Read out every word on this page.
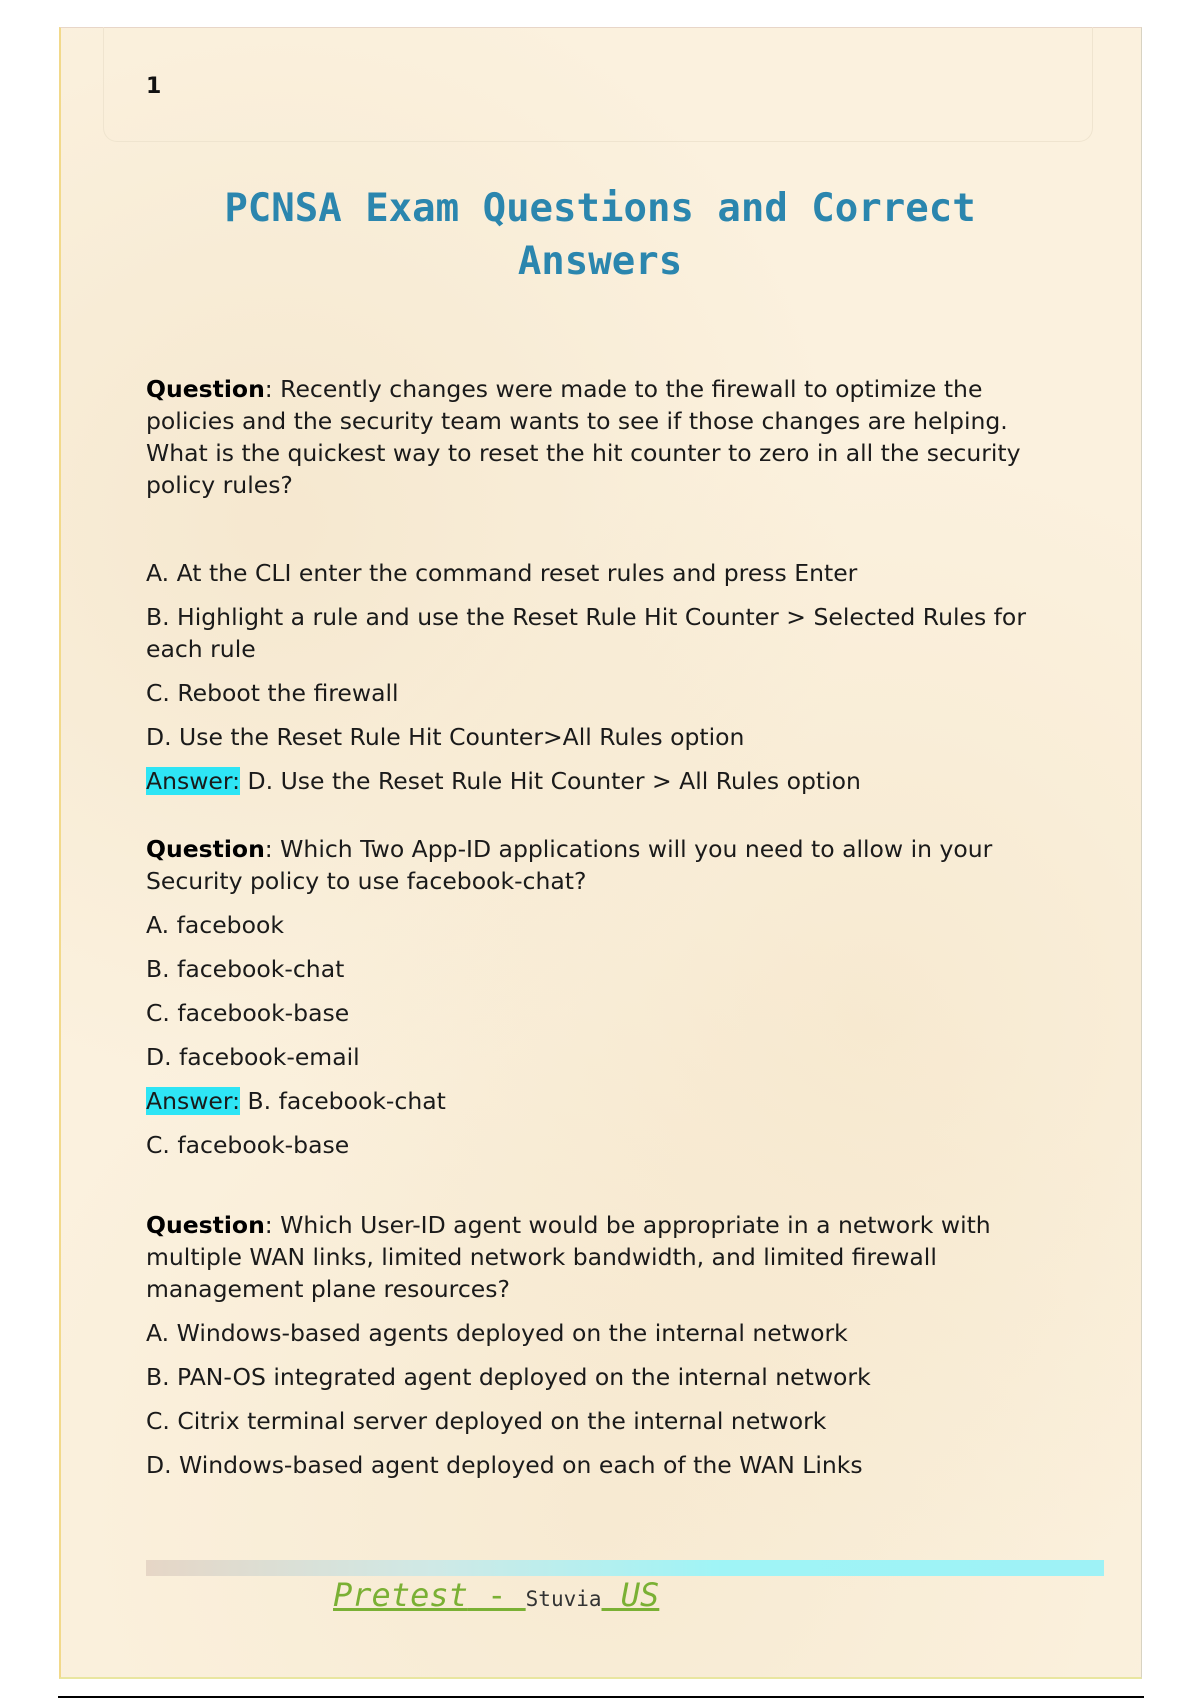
1
PCNSA Exam Questions and Correct Answers

Question: Recently changes were made to the firewall to optimize the policies and the security team wants to see if those changes are helping. What is the quickest way to reset the hit counter to zero in all the security policy rules?

A. At the CLI enter the command reset rules and press Enter

B. Highlight a rule and use the Reset Rule Hit Counter > Selected Rules for each rule

C. Reboot the firewall

D. Use the Reset Rule Hit Counter>All Rules option

Answer: D. Use the Reset Rule Hit Counter > All Rules option

Question: Which Two App-ID applications will you need to allow in your Security policy to use facebook-chat?

A. facebook

B. facebook-chat

C. facebook-base

D. facebook-email

Answer: B. facebook-chat

C. facebook-base

Question: Which User-ID agent would be appropriate in a network with multiple WAN links, limited network bandwidth, and limited firewall management plane resources?

A. Windows-based agents deployed on the internal network

B. PAN-OS integrated agent deployed on the internal network

C. Citrix terminal server deployed on the internal network

D. Windows-based agent deployed on each of the WAN Links

Pretest - Stuvia US
